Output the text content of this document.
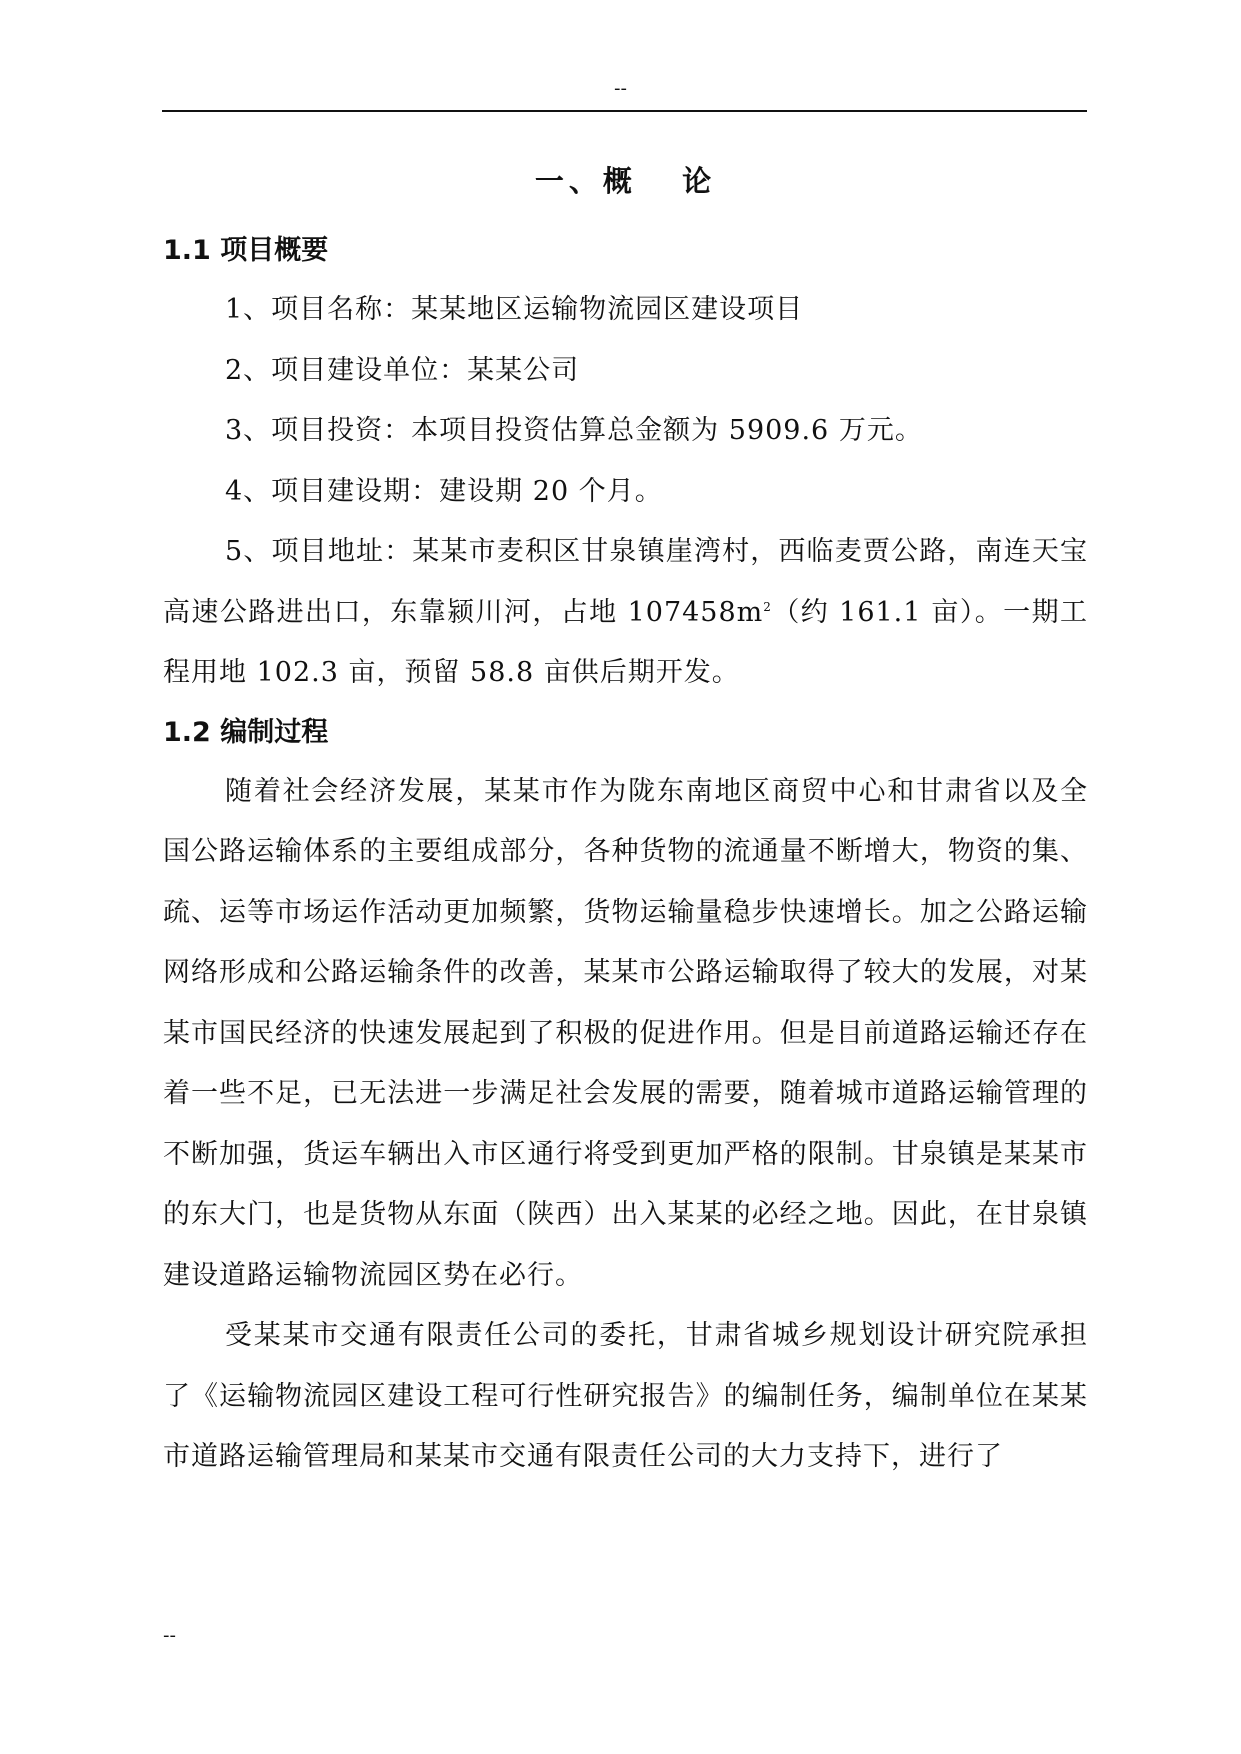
--
一、概   论
1.1 项目概要

1、项目名称：某某地区运输物流园区建设项目

2、项目建设单位：某某公司

3、项目投资：本项目投资估算总金额为 5909.6 万元。

4、项目建设期：建设期 20 个月。

5、项目地址：某某市麦积区甘泉镇崖湾村，西临麦贾公路，南连天宝高速公路进出口，东靠颍川河，占地 $107458m^2$（约 161.1 亩）。一期工程用地 102.3 亩，预留 58.8 亩供后期开发。

1.2 编制过程

随着社会经济发展，某某市作为陇东南地区商贸中心和甘肃省以及全国公路运输体系的主要组成部分，各种货物的流通量不断增大，物资的集、疏、运等市场运作活动更加频繁，货物运输量稳步快速增长。加之公路运输网络形成和公路运输条件的改善，某某市公路运输取得了较大的发展，对某某市国民经济的快速发展起到了积极的促进作用。但是目前道路运输还存在着一些不足，已无法进一步满足社会发展的需要，随着城市道路运输管理的不断加强，货运车辆出入市区通行将受到更加严格的限制。甘泉镇是某某市的东大门，也是货物从东面（陕西）出入某某的必经之地。因此，在甘泉镇建设道路运输物流园区势在必行。

受某某市交通有限责任公司的委托，甘肃省城乡规划设计研究院承担了《运输物流园区建设工程可行性研究报告》的编制任务，编制单位在某某市道路运输管理局和某某市交通有限责任公司的大力支持下，进行了

--
